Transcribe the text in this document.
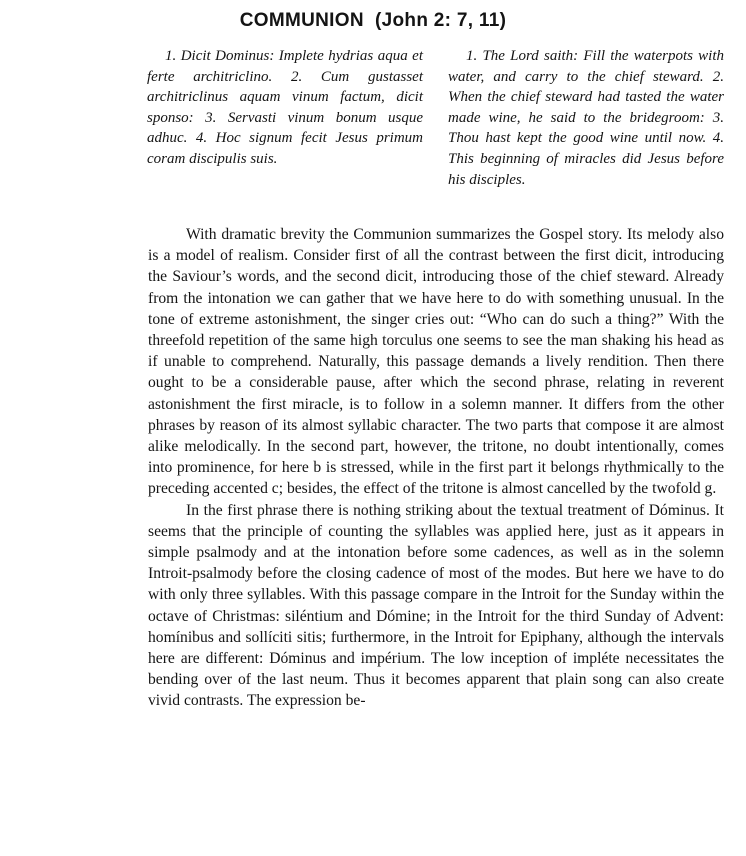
COMMUNION (John 2: 7, 11)
1. Dicit Dominus: Implete hydrias aqua et ferte architriclino. 2. Cum gustasset architriclinus aquam vinum factum, dicit sponso: 3. Servasti vinum bonum usque adhuc. 4. Hoc signum fecit Jesus primum coram discipulis suis.
1. The Lord saith: Fill the waterpots with water, and carry to the chief steward. 2. When the chief steward had tasted the water made wine, he said to the bridegroom: 3. Thou hast kept the good wine until now. 4. This beginning of miracles did Jesus before his disciples.

With dramatic brevity the Communion summarizes the Gospel story. Its melody also is a model of realism. Consider first of all the contrast between the first dicit, introducing the Saviour’s words, and the second dicit, introducing those of the chief steward. Already from the intonation we can gather that we have here to do with something unusual. In the tone of extreme astonishment, the singer cries out: “Who can do such a thing?” With the threefold repetition of the same high torculus one seems to see the man shaking his head as if unable to comprehend. Naturally, this passage demands a lively rendition. Then there ought to be a considerable pause, after which the second phrase, relating in reverent astonishment the first miracle, is to follow in a solemn manner. It differs from the other phrases by reason of its almost syllabic character. The two parts that compose it are almost alike melodically. In the second part, however, the tritone, no doubt intentionally, comes into prominence, for here b is stressed, while in the first part it belongs rhythmically to the preceding accented c; besides, the effect of the tritone is almost cancelled by the twofold g.

In the first phrase there is nothing striking about the textual treatment of Dóminus. It seems that the principle of counting the syllables was applied here, just as it appears in simple psalmody and at the intonation before some cadences, as well as in the solemn Introit-psalmody before the closing cadence of most of the modes. But here we have to do with only three syllables. With this passage compare in the Introit for the Sunday within the octave of Christmas: siléntium and Dómine; in the Introit for the third Sunday of Advent: homínibus and sollíciti sitis; furthermore, in the Introit for Epiphany, although the intervals here are different: Dóminus and impérium. The low inception of impléte necessitates the bending over of the last neum. Thus it becomes apparent that plain song can also create vivid contrasts. The expression be-
